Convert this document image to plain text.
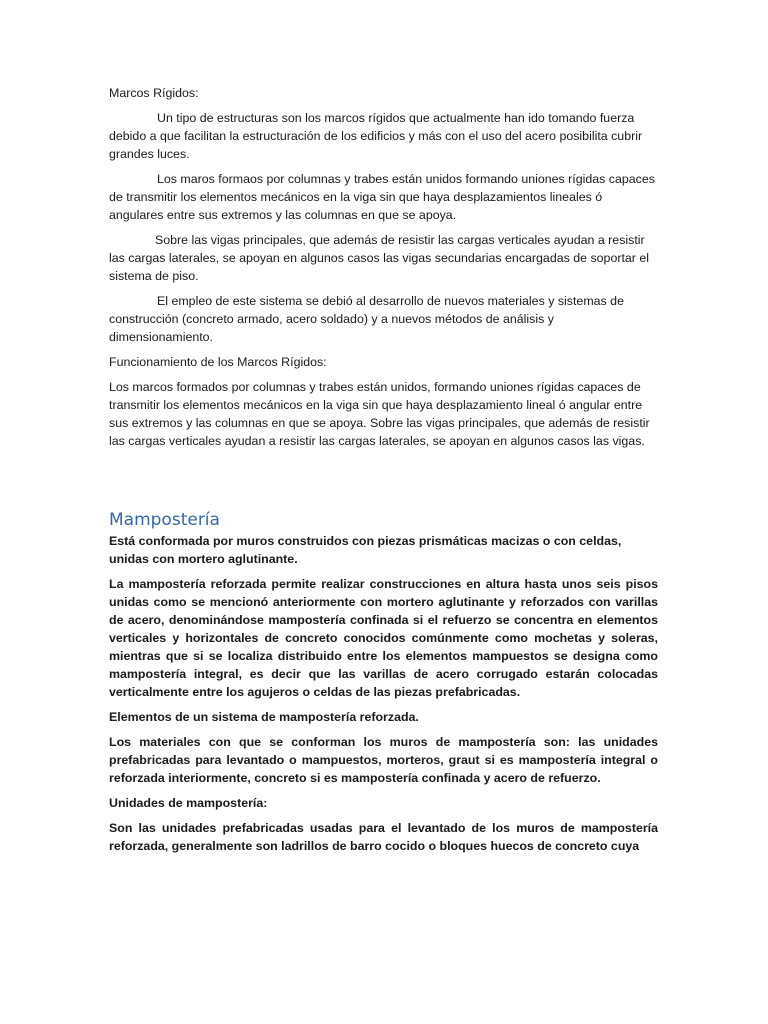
Marcos Rígidos:

Un tipo de estructuras son los marcos rígidos que actualmente han ido tomando fuerza debido a que facilitan la estructuración de los edificios y más con el uso del acero posibilita cubrir grandes luces.

Los maros formaos por columnas y trabes están unidos formando uniones rígidas capaces de transmitir los elementos mecánicos en la viga sin que haya desplazamientos lineales ó angulares entre sus extremos y las columnas en que se apoya.

Sobre las vigas principales, que además de resistir las cargas verticales ayudan a resistir las cargas laterales, se apoyan en algunos casos las vigas secundarias encargadas de soportar el sistema de piso.

El empleo de este sistema se debió al desarrollo de nuevos materiales y sistemas de construcción (concreto armado, acero soldado) y a nuevos métodos de análisis y dimensionamiento.

Funcionamiento de los Marcos Rígidos:

Los marcos formados por columnas y trabes están unidos, formando uniones rígidas capaces de transmitir los elementos mecánicos en la viga sin que haya desplazamiento lineal ó angular entre sus extremos y las columnas en que se apoya. Sobre las vigas principales, que además de resistir las cargas verticales ayudan a resistir las cargas laterales, se apoyan en algunos casos las vigas.

Mampostería

Está conformada por muros construidos con piezas prismáticas macizas o con celdas, unidas con mortero aglutinante.

La mampostería reforzada permite realizar construcciones en altura hasta unos seis pisos unidas como se mencionó anteriormente con mortero aglutinante y reforzados con varillas de acero, denominándose mampostería confinada si el refuerzo se concentra en elementos verticales y horizontales de concreto conocidos comúnmente como mochetas y soleras, mientras que si se localiza distribuido entre los elementos mampuestos se designa como mampostería integral, es decir que las varillas de acero corrugado estarán colocadas verticalmente entre los agujeros o celdas de las piezas prefabricadas.

Elementos de un sistema de mampostería reforzada.

Los materiales con que se conforman los muros de mampostería son: las unidades prefabricadas para levantado o mampuestos, morteros, graut si es mampostería integral o reforzada interiormente, concreto si es mampostería confinada y acero de refuerzo.

Unidades de mampostería:

Son las unidades prefabricadas usadas para el levantado de los muros de mampostería reforzada, generalmente son ladrillos de barro cocido o bloques huecos de concreto cuya
